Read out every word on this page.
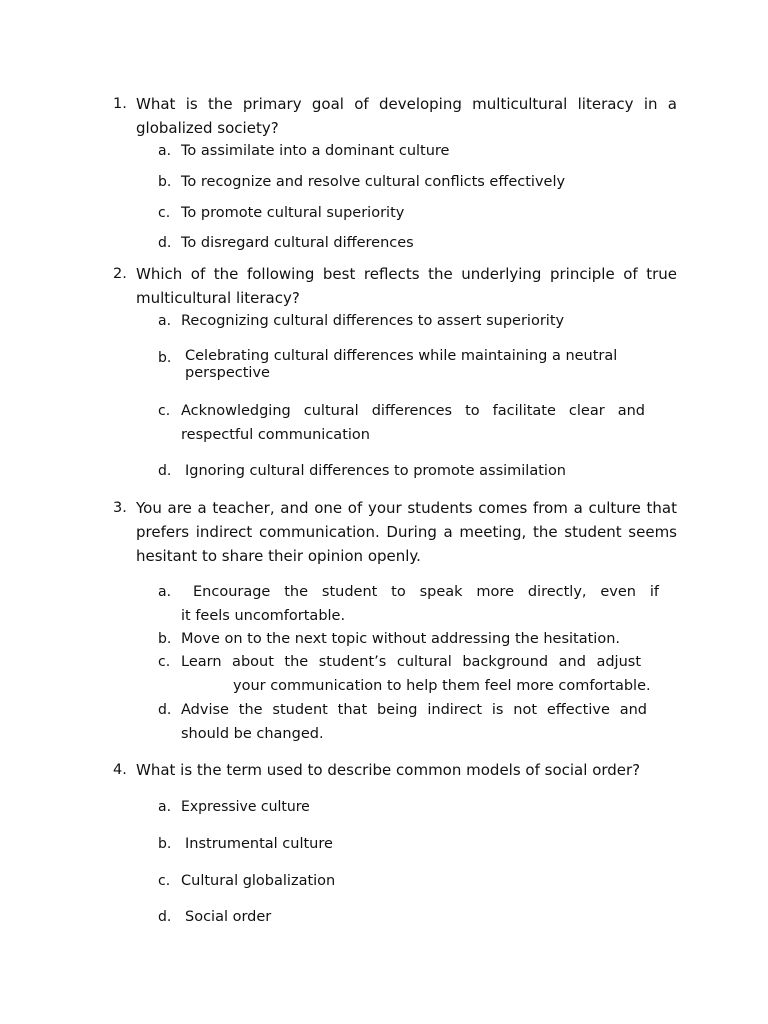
1. What is the primary goal of developing multicultural literacy in a

globalized society?

a. To assimilate into a dominant culture

b. To recognize and resolve cultural conflicts effectively

c. To promote cultural superiority

d. To disregard cultural differences

2. Which of the following best reflects the underlying principle of true

multicultural literacy?

a. Recognizing cultural differences to assert superiority

b. Celebrating cultural differences while maintaining a neutral

perspective

c. Acknowledging cultural differences to facilitate clear and

respectful communication

d. Ignoring cultural differences to promote assimilation

3. You are a teacher, and one of your students comes from a culture that

prefers indirect communication. During a meeting, the student seems

hesitant to share their opinion openly.

a. Encourage the student to speak more directly, even if

it feels uncomfortable.

b. Move on to the next topic without addressing the hesitation.

c. Learn about the student’s cultural background and adjust

your communication to help them feel more comfortable.

d. Advise the student that being indirect is not effective and

should be changed.

4. What is the term used to describe common models of social order?

a. Expressive culture

b. Instrumental culture

c. Cultural globalization

d. Social order
